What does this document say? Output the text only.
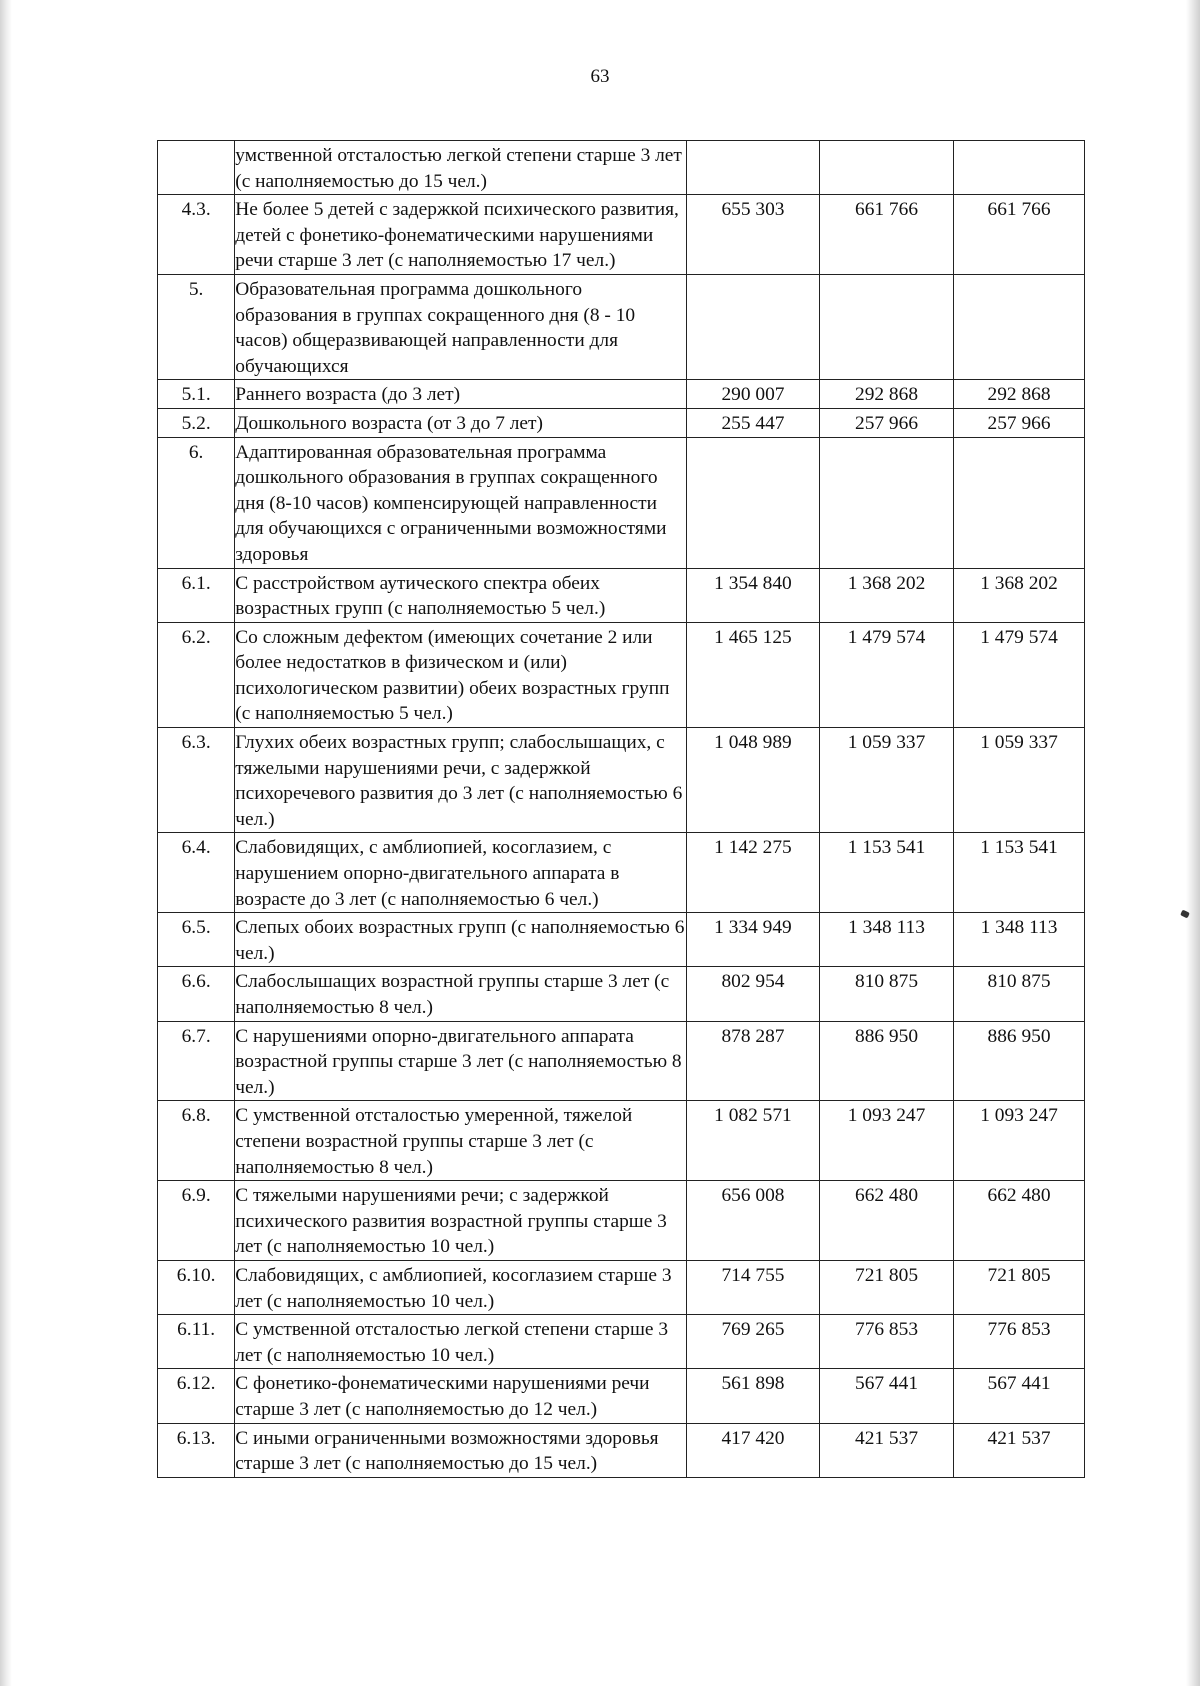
63
	умственной отсталостью легкой степени старше 3 лет (с наполняемостью до 15 чел.)			
4.3.	Не более 5 детей с задержкой психического развития, детей с фонетико-фонематическими нарушениями речи старше 3 лет (с наполняемостью 17 чел.)	655 303	661 766	661 766
5.	Образовательная программа дошкольного образования в группах сокращенного дня (8 - 10 часов) общеразвивающей направленности для обучающихся			
5.1.	Раннего возраста (до 3 лет)	290 007	292 868	292 868
5.2.	Дошкольного возраста (от 3 до 7 лет)	255 447	257 966	257 966
6.	Адаптированная образовательная программа дошкольного образования в группах сокращенного дня (8-10 часов) компенсирующей направленности для обучающихся с ограниченными возможностями здоровья			
6.1.	С расстройством аутического спектра обеих возрастных групп (с наполняемостью 5 чел.)	1 354 840	1 368 202	1 368 202
6.2.	Со сложным дефектом (имеющих сочетание 2 или более недостатков в физическом и (или) психологическом развитии) обеих возрастных групп (с наполняемостью 5 чел.)	1 465 125	1 479 574	1 479 574
6.3.	Глухих обеих возрастных групп; слабослышащих, с тяжелыми нарушениями речи, с задержкой психоречевого развития до 3 лет (с наполняемостью 6 чел.)	1 048 989	1 059 337	1 059 337
6.4.	Слабовидящих, с амблиопией, косоглазием, с нарушением опорно-двигательного аппарата в возрасте до 3 лет (с наполняемостью 6 чел.)	1 142 275	1 153 541	1 153 541
6.5.	Слепых обоих возрастных групп (с наполняемостью 6 чел.)	1 334 949	1 348 113	1 348 113
6.6.	Слабослышащих возрастной группы старше 3 лет (с наполняемостью 8 чел.)	802 954	810 875	810 875
6.7.	С нарушениями опорно-двигательного аппарата возрастной группы старше 3 лет (с наполняемостью 8 чел.)	878 287	886 950	886 950
6.8.	С умственной отсталостью умеренной, тяжелой степени возрастной группы старше 3 лет (с наполняемостью 8 чел.)	1 082 571	1 093 247	1 093 247
6.9.	С тяжелыми нарушениями речи; с задержкой психического развития возрастной группы старше 3 лет (с наполняемостью 10 чел.)	656 008	662 480	662 480
6.10.	Слабовидящих, с амблиопией, косоглазием старше 3 лет (с наполняемостью 10 чел.)	714 755	721 805	721 805
6.11.	С умственной отсталостью легкой степени старше 3 лет (с наполняемостью 10 чел.)	769 265	776 853	776 853
6.12.	С фонетико-фонематическими нарушениями речи старше 3 лет (с наполняемостью до 12 чел.)	561 898	567 441	567 441
6.13.	С иными ограниченными возможностями здоровья старше 3 лет (с наполняемостью до 15 чел.)	417 420	421 537	421 537
